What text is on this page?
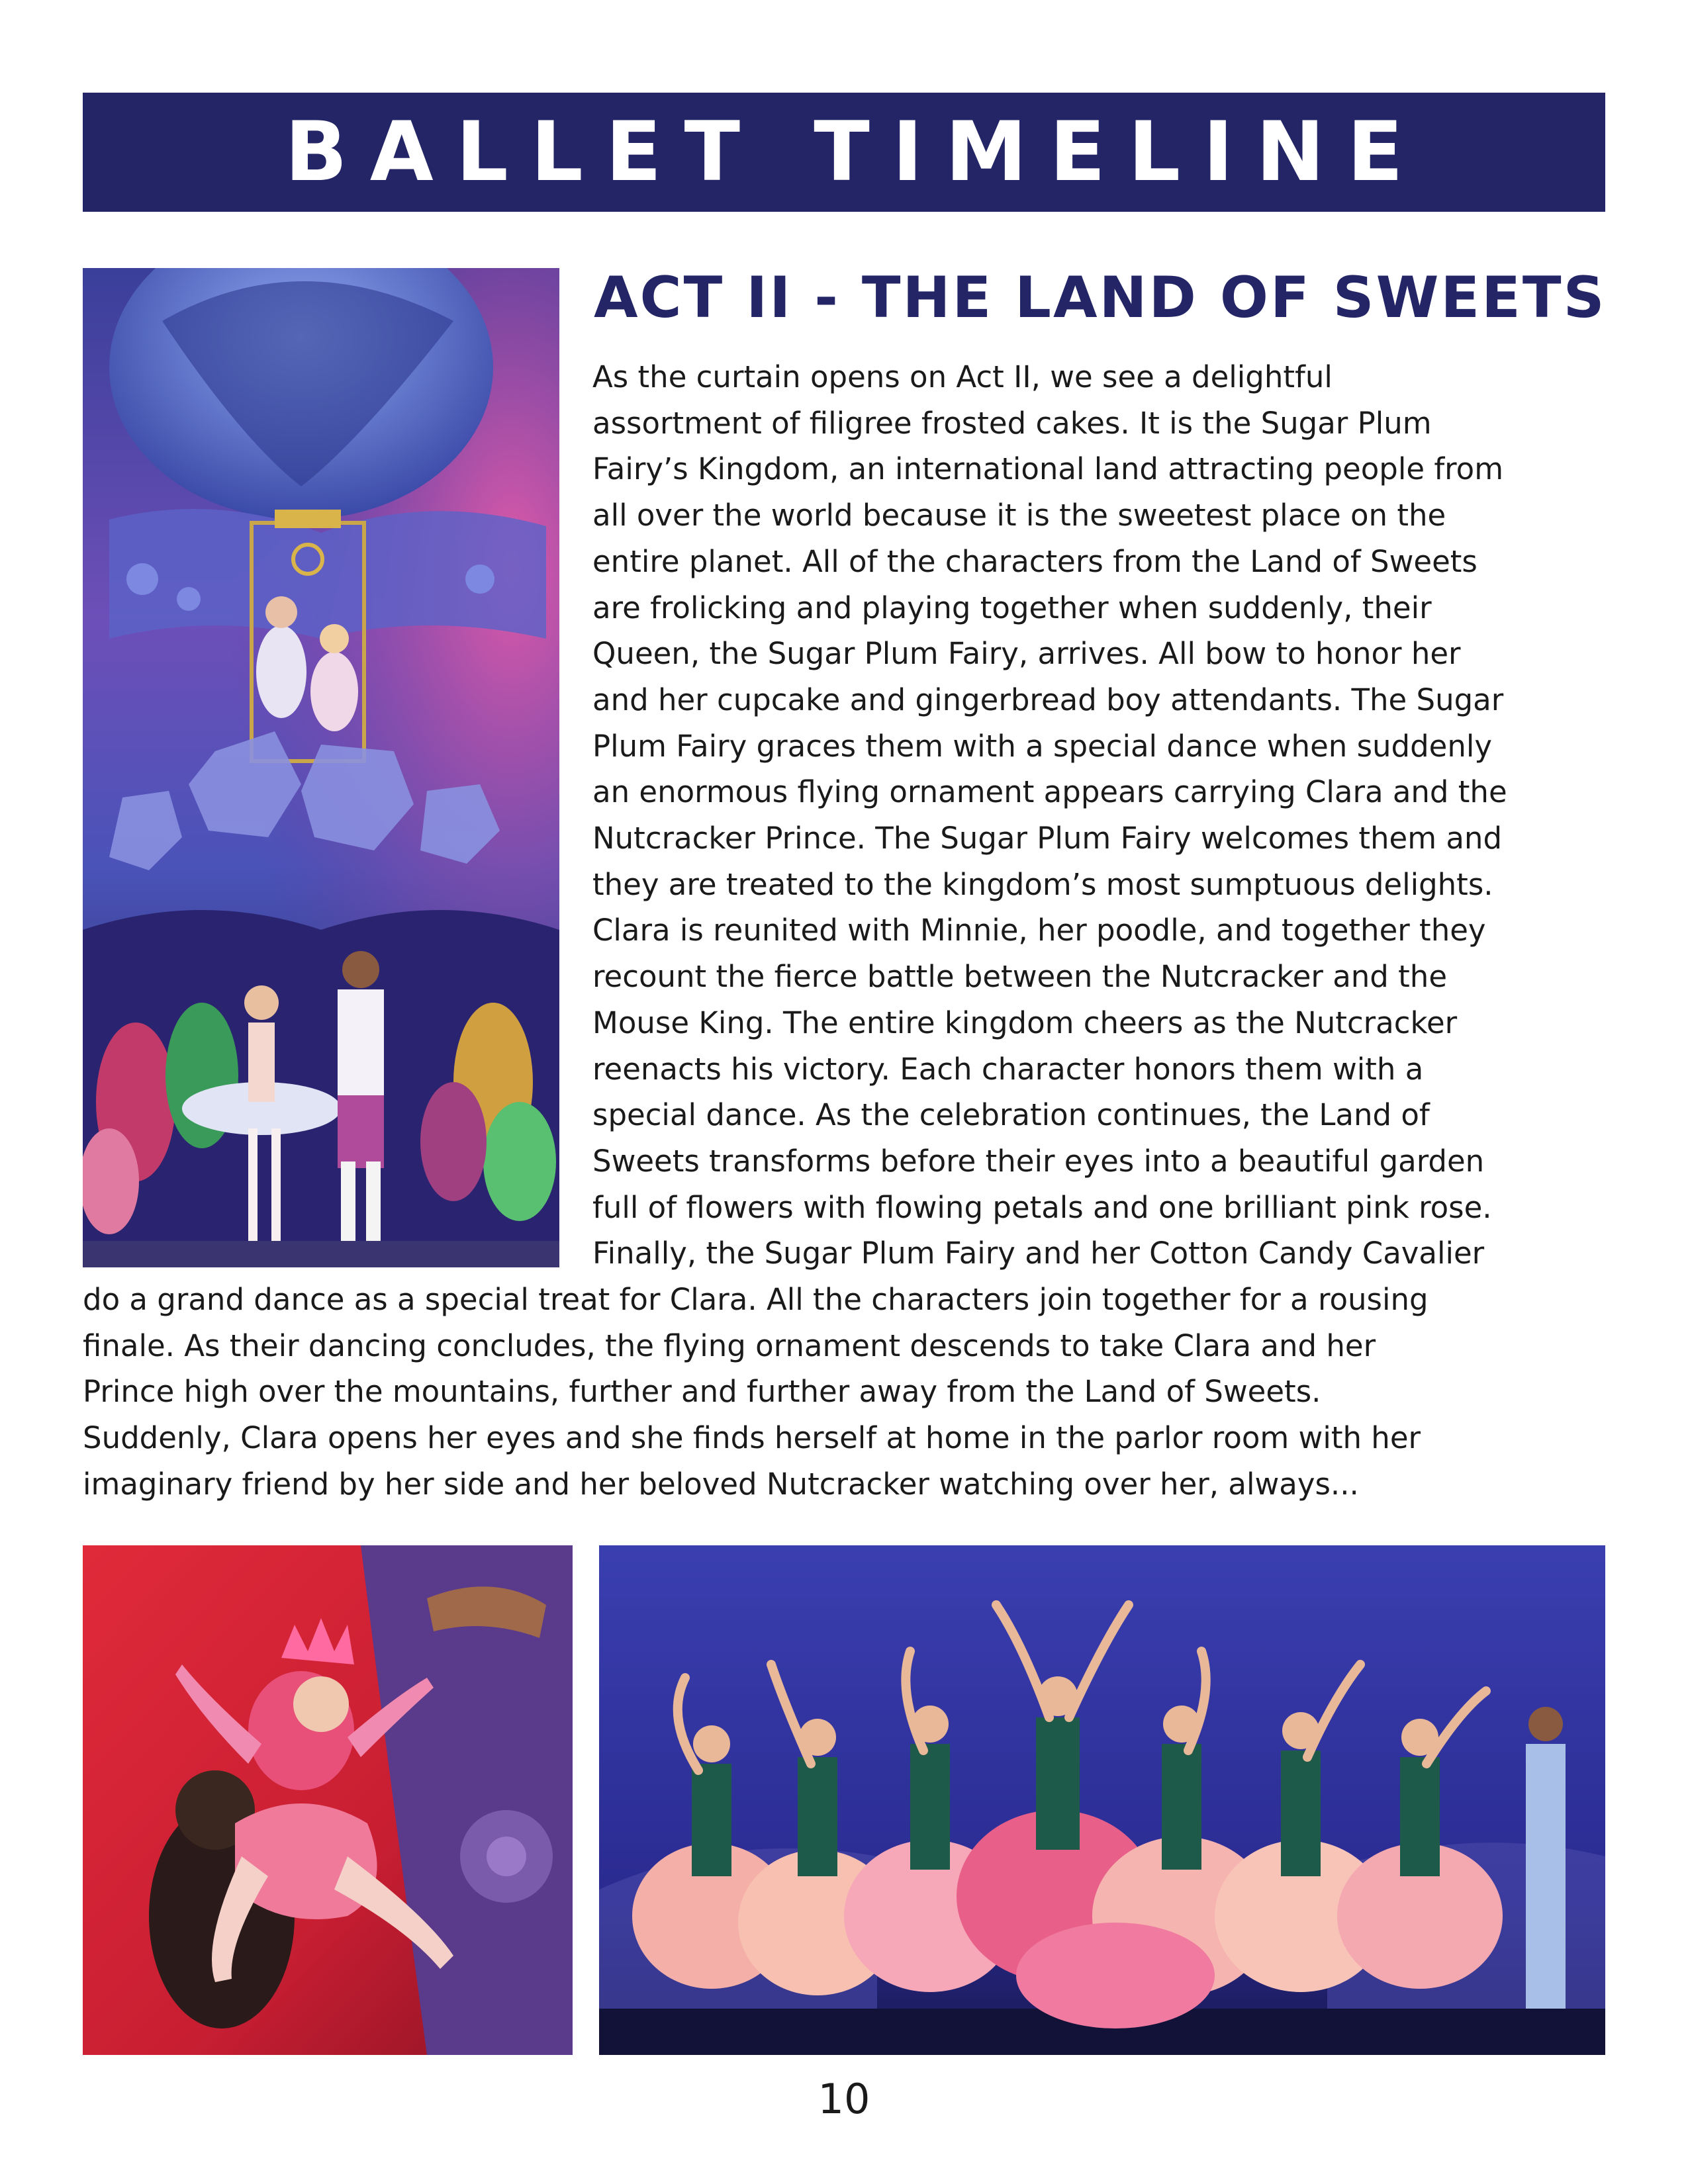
BALLET TIMELINE
ACT II - THE LAND OF SWEETS
As the curtain opens on Act II, we see a delightful
assortment of filigree frosted cakes. It is the Sugar Plum
Fairy’s Kingdom, an international land attracting people from
all over the world because it is the sweetest place on the
entire planet. All of the characters from the Land of Sweets
are frolicking and playing together when suddenly, their
Queen, the Sugar Plum Fairy, arrives. All bow to honor her
and her cupcake and gingerbread boy attendants. The Sugar
Plum Fairy graces them with a special dance when suddenly
an enormous flying ornament appears carrying Clara and the
Nutcracker Prince. The Sugar Plum Fairy welcomes them and
they are treated to the kingdom’s most sumptuous delights.
Clara is reunited with Minnie, her poodle, and together they
recount the fierce battle between the Nutcracker and the
Mouse King. The entire kingdom cheers as the Nutcracker
reenacts his victory. Each character honors them with a
special dance. As the celebration continues, the Land of
Sweets transforms before their eyes into a beautiful garden
full of flowers with flowing petals and one brilliant pink rose.
Finally, the Sugar Plum Fairy and her Cotton Candy Cavalier
do a grand dance as a special treat for Clara. All the characters join together for a rousing
finale. As their dancing concludes, the flying ornament descends to take Clara and her
Prince high over the mountains, further and further away from the Land of Sweets.
Suddenly, Clara opens her eyes and she finds herself at home in the parlor room with her
imaginary friend by her side and her beloved Nutcracker watching over her, always...
10
